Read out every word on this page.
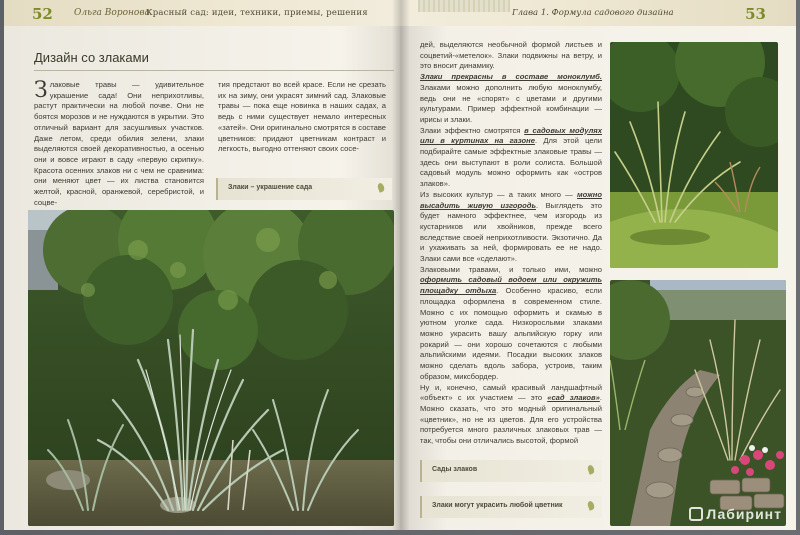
52 Ольга Воронова
Красный сад: идеи, техники, приемы, решения
Дизайн со злаками
Злаковые травы — удивительное украшение сада! Они неприхотливы, растут практически на любой почве. Они не боятся морозов и не нуждаются в укрытии. Это отличный вариант для засушливых участков. Даже летом, среди обилия зелени, злаки выделяются своей декоративностью, а осенью они и вовсе играют в саду «первую скрипку». Красота осенних злаков ни с чем не сравнима: они меняют цвет — их листва становится желтой, красной, оранжевой, серебристой, и соцве-
тия предстают во всей красе. Если не срезать их на зиму, они украсят зимний сад. Злаковые травы — пока еще новинка в наших садах, а ведь с ними существует немало интересных «затей». Они оригинально смотрятся в составе цветников: придают цветникам контраст и легкость, выгодно оттеняют своих сосе-
Злаки – украшение сада
Глава 1. Формула садового дизайна	53

дей, выделяются необычной формой листьев и соцветий-«метелок». Злаки подвижны на ветру, и это вносит динамику.

Злаки прекрасны в составе моноклумб. Злаками можно дополнить любую моноклумбу, ведь они не «спорят» с цветами и другими культурами. Пример эффектной комбинации — ирисы и злаки.

Злаки эффектно смотрятся в садовых модулях или в куртинах на газоне. Для этой цели подбирайте самые эффектные злаковые травы — здесь они выступают в роли солиста. Большой садовый модуль можно оформить как «остров злаков».

Из высоких культур — а таких много — можно высадить живую изгородь. Выглядеть это будет намного эффектнее, чем изгородь из кустарников или хвойников, прежде всего вследствие своей неприхотливости. Экзотично. Да и ухаживать за ней, формировать ее не надо. Злаки сами все «сделают».

Злаковыми травами, и только ими, можно оформить садовый водоем или окружить площадку отдыха. Особенно красиво, если площадка оформлена в современном стиле. Можно с их помощью оформить и скамью в уютном уголке сада. Низкорослыми злаками можно украсить вашу альпийскую горку или рокарий — они хорошо сочетаются с любыми альпийскими идеями. Посадки высоких злаков можно сделать вдоль забора, устроив, таким образом, миксбордер.

Ну и, конечно, самый красивый ландшафтный «объект» с их участием — это «сад злаков». Можно сказать, что это модный оригинальный «цветник», но не из цветов. Для его устройства потребуется много различных злаковых трав — так, чтобы они отличались высотой, формой

Сады злаков
Злаки могут украсить любой цветник
Лабиринт
